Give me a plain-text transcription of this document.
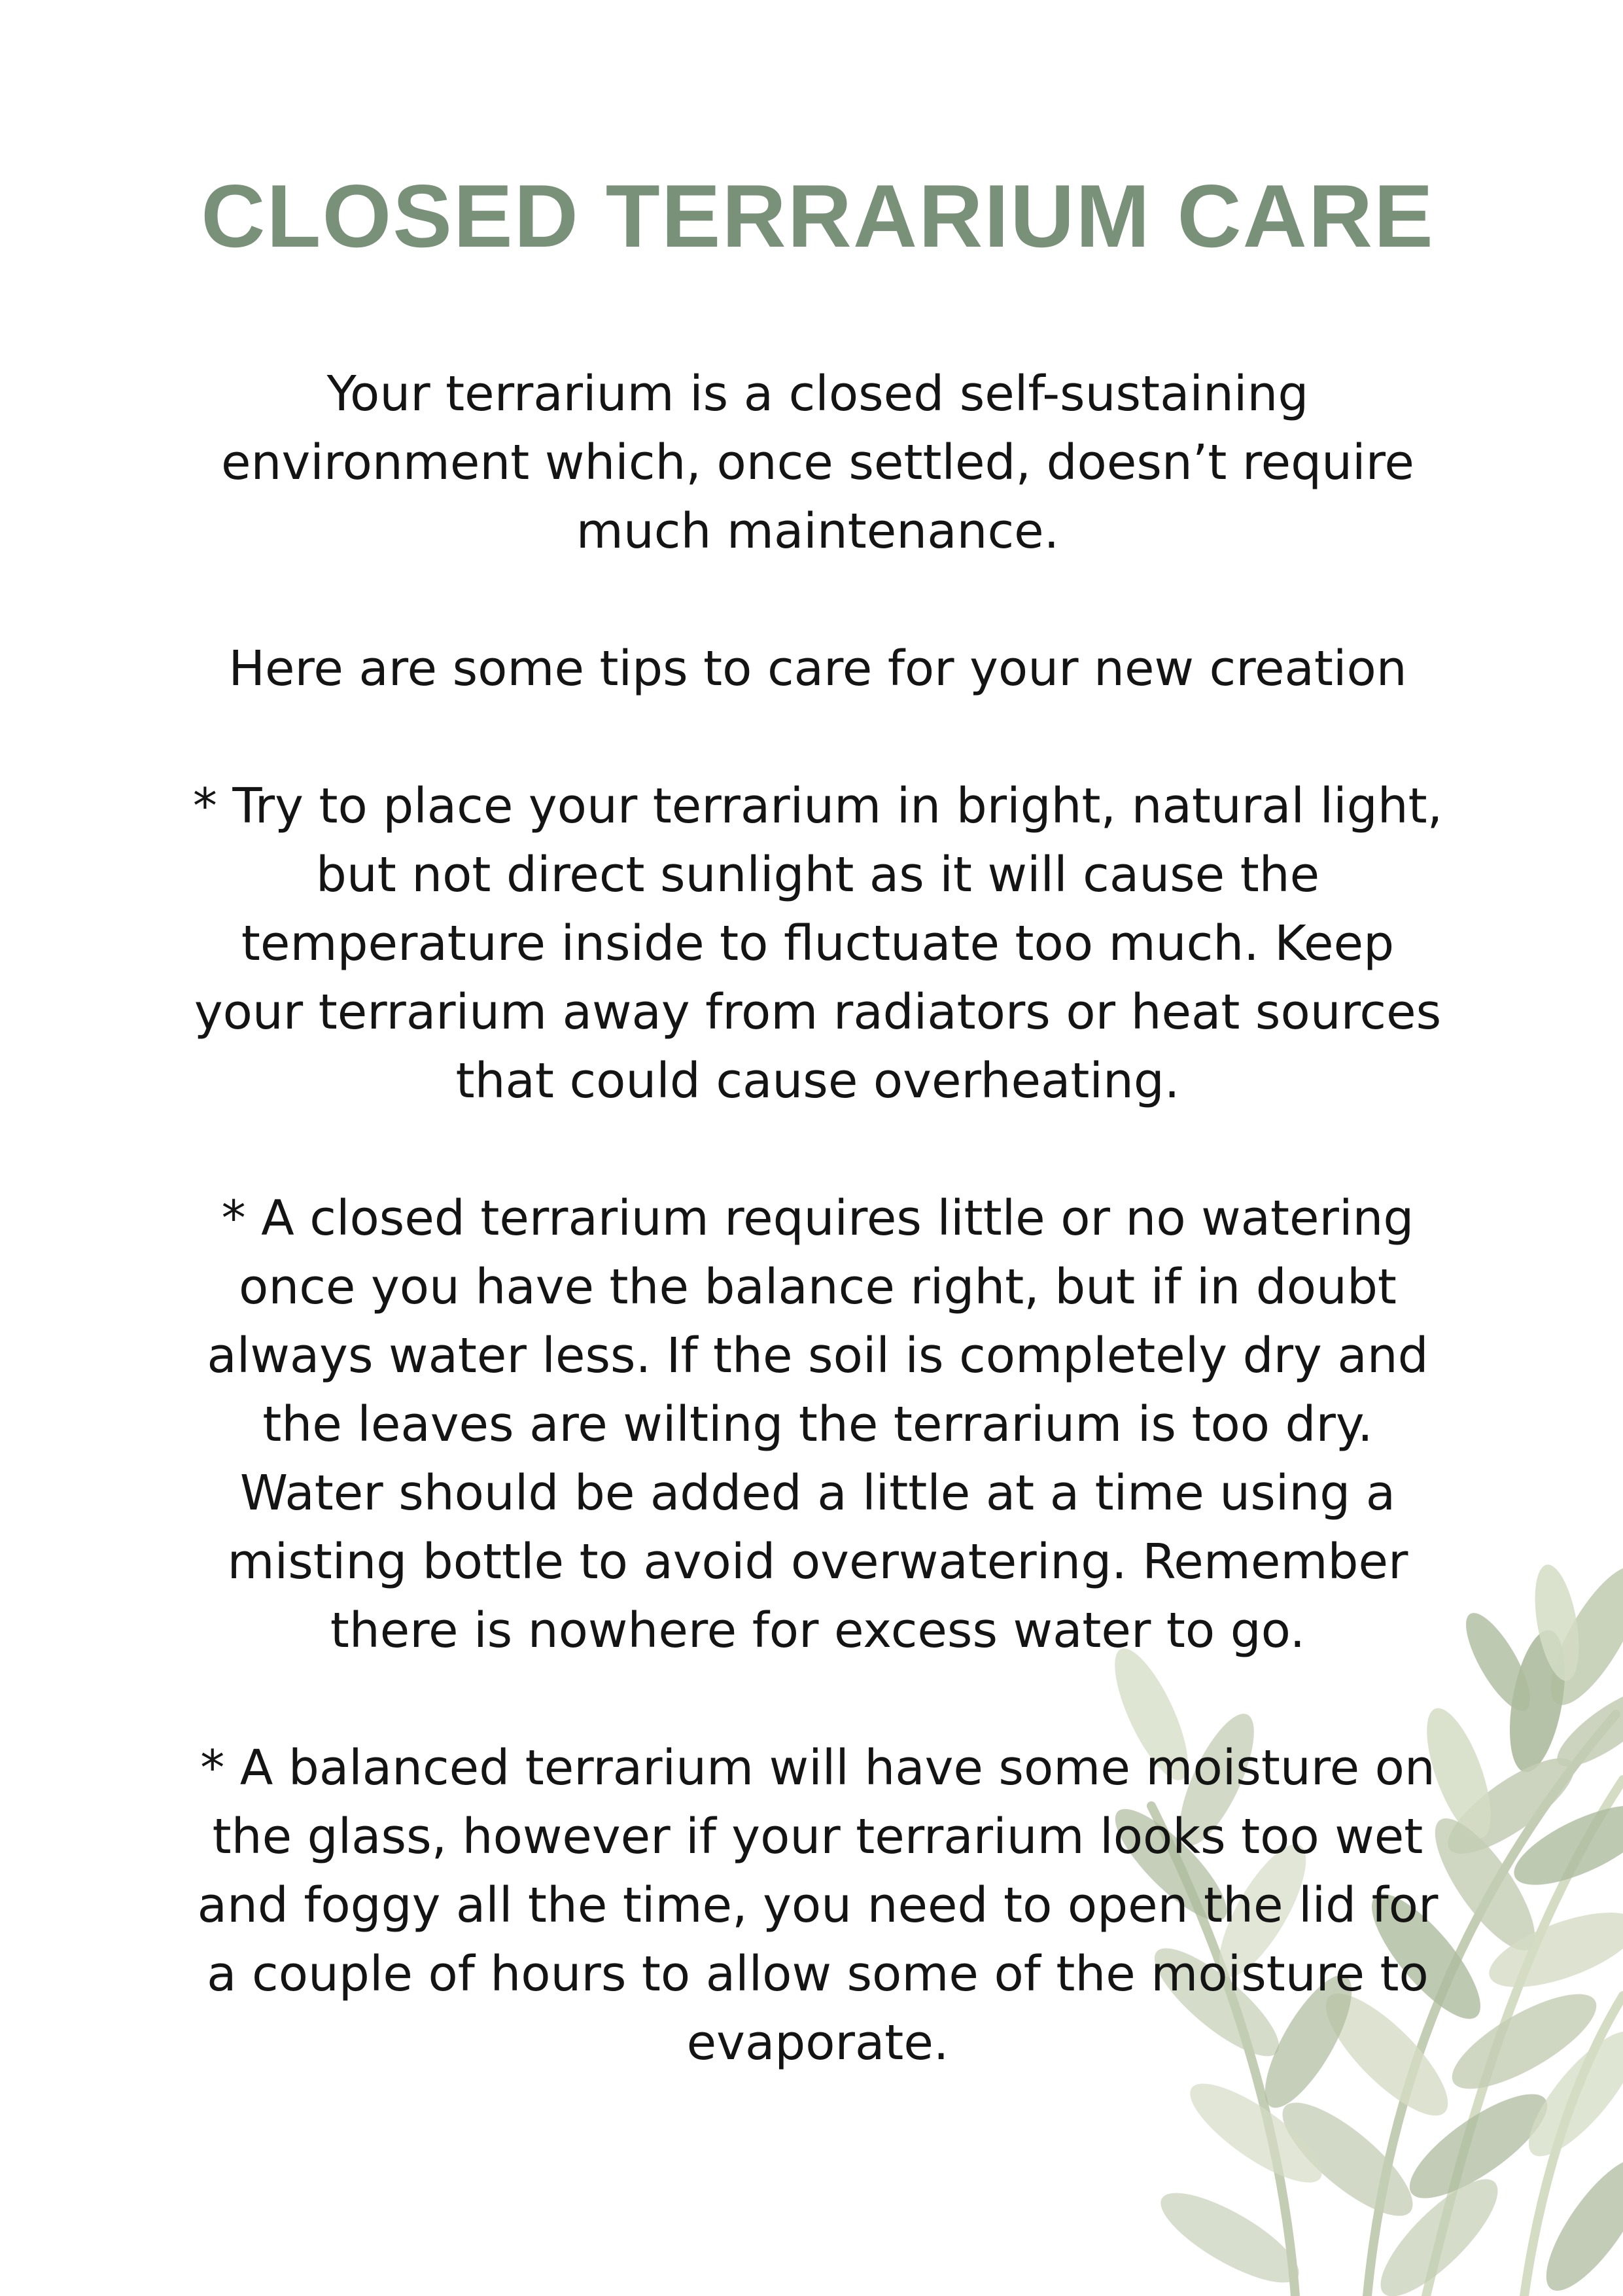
CLOSED TERRARIUM CARE

Your terrarium is a closed self-sustaining
environment which, once settled, doesn’t require
much maintenance.

Here are some tips to care for your new creation

* Try to place your terrarium in bright, natural light,
but not direct sunlight as it will cause the
temperature inside to fluctuate too much. Keep
your terrarium away from radiators or heat sources
that could cause overheating.

* A closed terrarium requires little or no watering
once you have the balance right, but if in doubt
always water less. If the soil is completely dry and
the leaves are wilting the terrarium is too dry.
Water should be added a little at a time using a
misting bottle to avoid overwatering. Remember
there is nowhere for excess water to go.

* A balanced terrarium will have some moisture on
the glass, however if your terrarium looks too wet
and foggy all the time, you need to open the lid for
a couple of hours to allow some of the moisture to
evaporate.
